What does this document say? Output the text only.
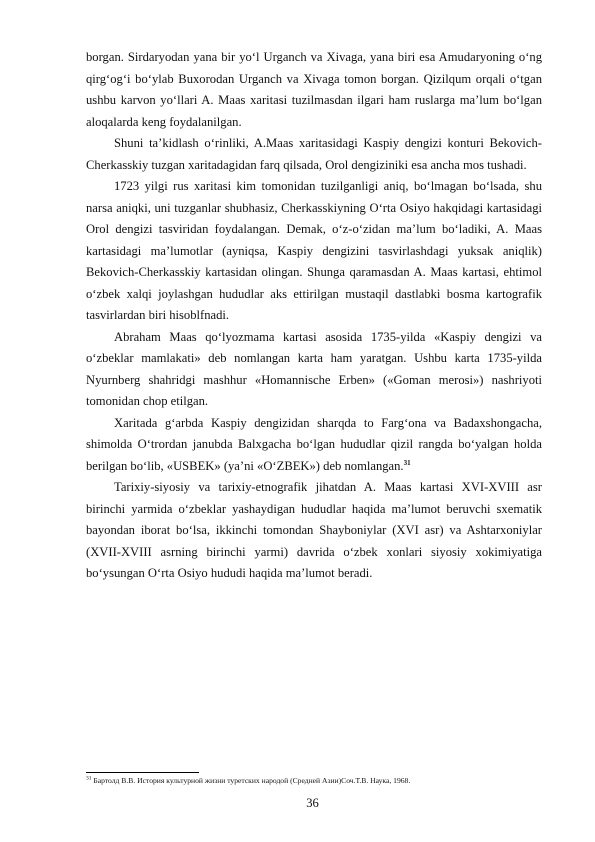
borgan. Sirdaryodan yana bir yo‘l Urganch va Xivaga, yana biri esa Amudaryoning o‘ng qirg‘og‘i bo‘ylab Buxorodan Urganch va Xivaga tomon borgan. Qizilqum orqali o‘tgan ushbu karvon yo‘llari A. Maas xaritasi tuzilmasdan ilgari ham ruslarga ma’lum bo‘lgan aloqalarda keng foydalanilgan.

Shuni ta’kidlash o‘rinliki, A.Maas xaritasidagi Kaspiy dengizi konturi Bekovich-Cherkasskiy tuzgan xaritadagidan farq qilsada, Orol dengiziniki esa ancha mos tushadi.

1723 yilgi rus xaritasi kim tomonidan tuzilganligi aniq, bo‘lmagan bo‘lsada, shu narsa aniqki, uni tuzganlar shubhasiz, Cherkasskiyning O‘rta Osiyo hakqidagi kartasidagi Orol dengizi tasviridan foydalangan. Demak, o‘z-o‘zidan ma’lum bo‘ladiki, A. Maas kartasidagi ma’lumotlar (ayniqsa, Kaspiy dengizini tasvirlashdagi yuksak aniqlik) Bekovich-Cherkasskiy kartasidan olingan. Shunga qaramasdan A. Maas kartasi, ehtimol o‘zbek xalqi joylashgan hududlar aks ettirilgan mustaqil dastlabki bosma kartografik tasvirlardan biri hisoblfnadi.

Abraham Maas qo‘lyozmama kartasi asosida 1735-yilda «Kaspiy dengizi va o‘zbeklar mamlakati» deb nomlangan karta ham yaratgan. Ushbu karta 1735-yilda Nyurnberg shahridgi mashhur «Homannische Erben» («Goman merosi») nashriyoti tomonidan chop etilgan.

Xaritada g‘arbda Kaspiy dengizidan sharqda to Farg‘ona va Badaxshongacha, shimolda O‘trordan janubda Balxgacha bo‘lgan hududlar qizil rangda bo‘yalgan holda berilgan bo‘lib, «USBEK» (ya’ni «O‘ZBEK») deb nomlangan.$^{31}$

Tarixiy-siyosiy va tarixiy-etnografik jihatdan A. Maas kartasi XVI-XVIII asr birinchi yarmida o‘zbeklar yashaydigan hududlar haqida ma’lumot beruvchi sxematik bayondan iborat bo‘lsa, ikkinchi tomondan Shayboniylar (XVI asr) va Ashtarxoniylar (XVII-XVIII asrning birinchi yarmi) davrida o‘zbek xonlari siyosiy xokimiyatiga bo‘ysungan O‘rta Osiyo hududi haqida ma’lumot beradi.

$^{31}$ Бартолд В.В. История культурной жизни туретских народой (Средней Азии)Соч.Т.В. Наука, 1968.
36
